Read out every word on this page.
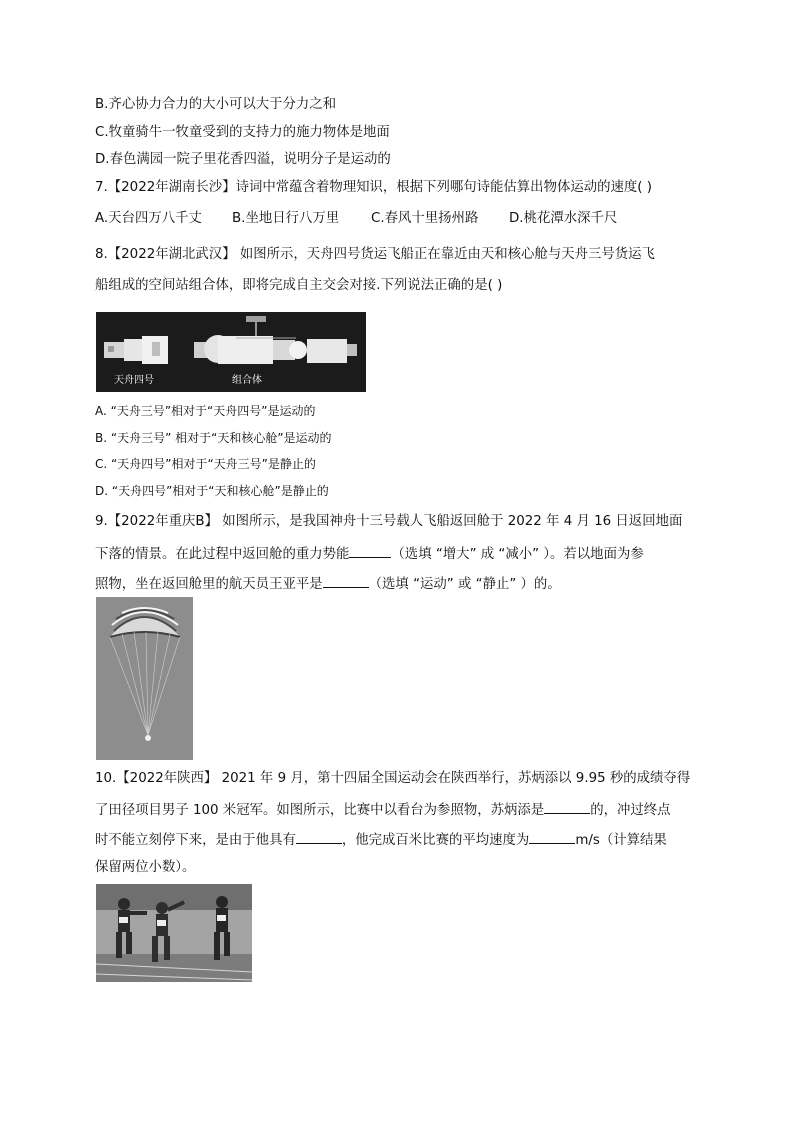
B.齐心协力合力的大小可以大于分力之和
C.牧童骑牛一牧童受到的支持力的施力物体是地面
D.春色满园一院子里花香四溢，说明分子是运动的
7.【2022年湖南长沙】诗词中常蕴含着物理知识，根据下列哪句诗能估算出物体运动的速度( )
A.天台四万八千丈 B.坐地日行八万里 C.春风十里扬州路 D.桃花潭水深千尺
8.【2022年湖北武汉】 如图所示，天舟四号货运飞船正在靠近由天和核心舱与天舟三号货运飞
船组成的空间站组合体，即将完成自主交会对接.下列说法正确的是( )
天舟四号	组合体
A. “天舟三号”相对于“天舟四号”是运动的
B. “天舟三号” 相对于“天和核心舱”是运动的
C. “天舟四号”相对于“天舟三号”是静止的
D. “天舟四号”相对于“天和核心舱”是静止的
9.【2022年重庆B】 如图所示，是我国神舟十三号载人飞船返回舱于 2022 年 4 月 16 日返回地面
下落的情景。在此过程中返回舱的重力势能	（选填 “增大” 成 “减小” ）。若以地面为参
照物，坐在返回舱里的航天员王亚平是	（选填 “运动” 或 “静止” ）的。
10.【2022年陕西】 2021 年 9 月，第十四届全国运动会在陕西举行，苏炳添以 9.95 秒的成绩夺得
了田径项目男子 100 米冠军。如图所示，比赛中以看台为参照物，苏炳添是	的，冲过终点
时不能立刻停下来，是由于他具有	，他完成百米比赛的平均速度为	m/s（计算结果
保留两位小数）。
